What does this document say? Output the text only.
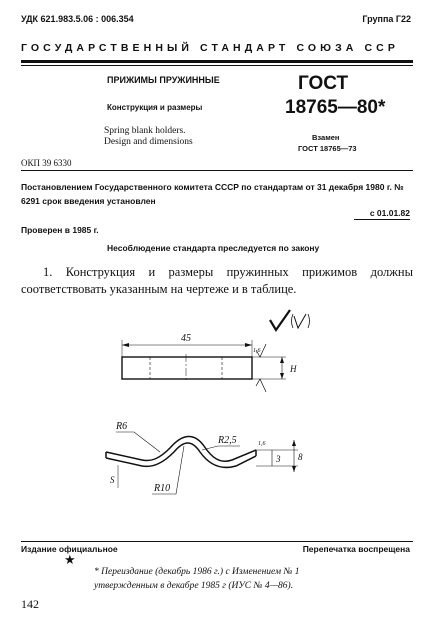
УДК 621.983.5.06 : 006.354	Группа Г22
ГОСУДАРСТВЕННЫЙ СТАНДАРТ СОЮЗА ССР
ПРИЖИМЫ ПРУЖИННЫЕ
Конструкция и размеры
Spring blank holders.
Design and dimensions
ГОСТ
18765—80*
Взамен
ГОСТ 18765—73
ОКП 39 6330
Постановлением Государственного комитета СССР по стандартам от 31 декабря 1980 г. № 6291 срок введения установлен
с 01.01.82
Проверен в 1985 г.
Несоблюдение стандарта преследуется по закону
1. Конструкция и размеры пружинных прижимов должны соответствовать указанным на чертеже и в таблице.
45
H
1,6
R6
R2,5
R10
S
3 8
1,6
Издание официальное	Перепечатка воспрещена
★
* Переиздание (декабрь 1986 г.) с Изменением № 1 утвержденным в декабре 1985 г (ИУС № 4—86).
142
